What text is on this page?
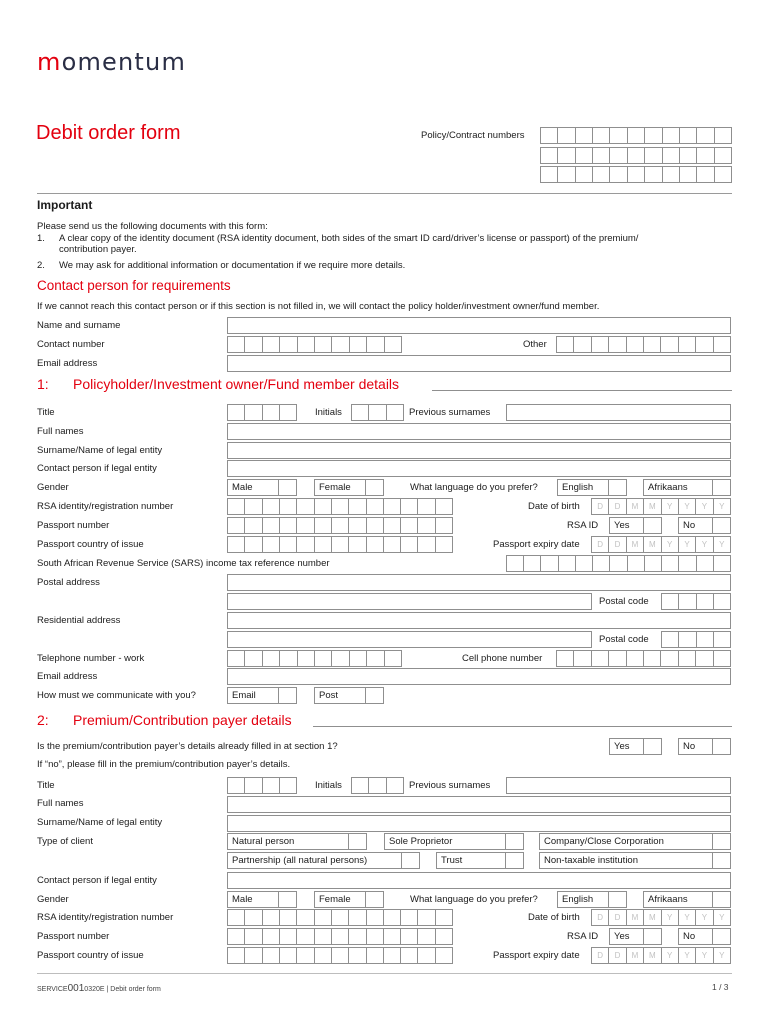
momentum
Debit order form	Policy/Contract numbers
Important
Please send us the following documents with this form:
1. A clear copy of the identity document (RSA identity document, both sides of the smart ID card/driver’s license or passport) of the premium/
contribution payer.
2. We may ask for additional information or documentation if we require more details.
Contact person for requirements
If we cannot reach this contact person or if this section is not filled in, we will contact the policy holder/investment owner/fund member.
Name and surname
Contact number	Other
Email address
1: Policyholder/Investment owner/Fund member details
Title	Initials	Previous surnames
Full names
Surname/Name of legal entity
Contact person if legal entity
Gender	Male	Female	What language do you prefer?	English	Afrikaans
RSA identity/registration number	Date of birth	D	D	M	M	Y	Y	Y	Y
Passport number	RSA ID	Yes	No
Passport country of issue	Passport expiry date	D	D	M	M	Y	Y	Y	Y
South African Revenue Service (SARS) income tax reference number
Postal address
Postal code
Residential address
Postal code
Telephone number - work	Cell phone number
Email address
How must we communicate with you?	Email	Post
2: Premium/Contribution payer details
Is the premium/contribution payer’s details already filled in at section 1?	Yes	No
If “no”, please fill in the premium/contribution payer’s details.
Title	Initials	Previous surnames
Full names
Surname/Name of legal entity
Type of client	Natural person	Sole Proprietor	Company/Close Corporation
Partnership (all natural persons)	Trust	Non-taxable institution
Contact person if legal entity
Gender	Male	Female	What language do you prefer?	English	Afrikaans
RSA identity/registration number	Date of birth	D	D	M	M	Y	Y	Y	Y
Passport number	RSA ID	Yes	No
Passport country of issue	Passport expiry date	D	D	M	M	Y	Y	Y	Y
SERVICE0010320E | Debit order form	1 / 3
